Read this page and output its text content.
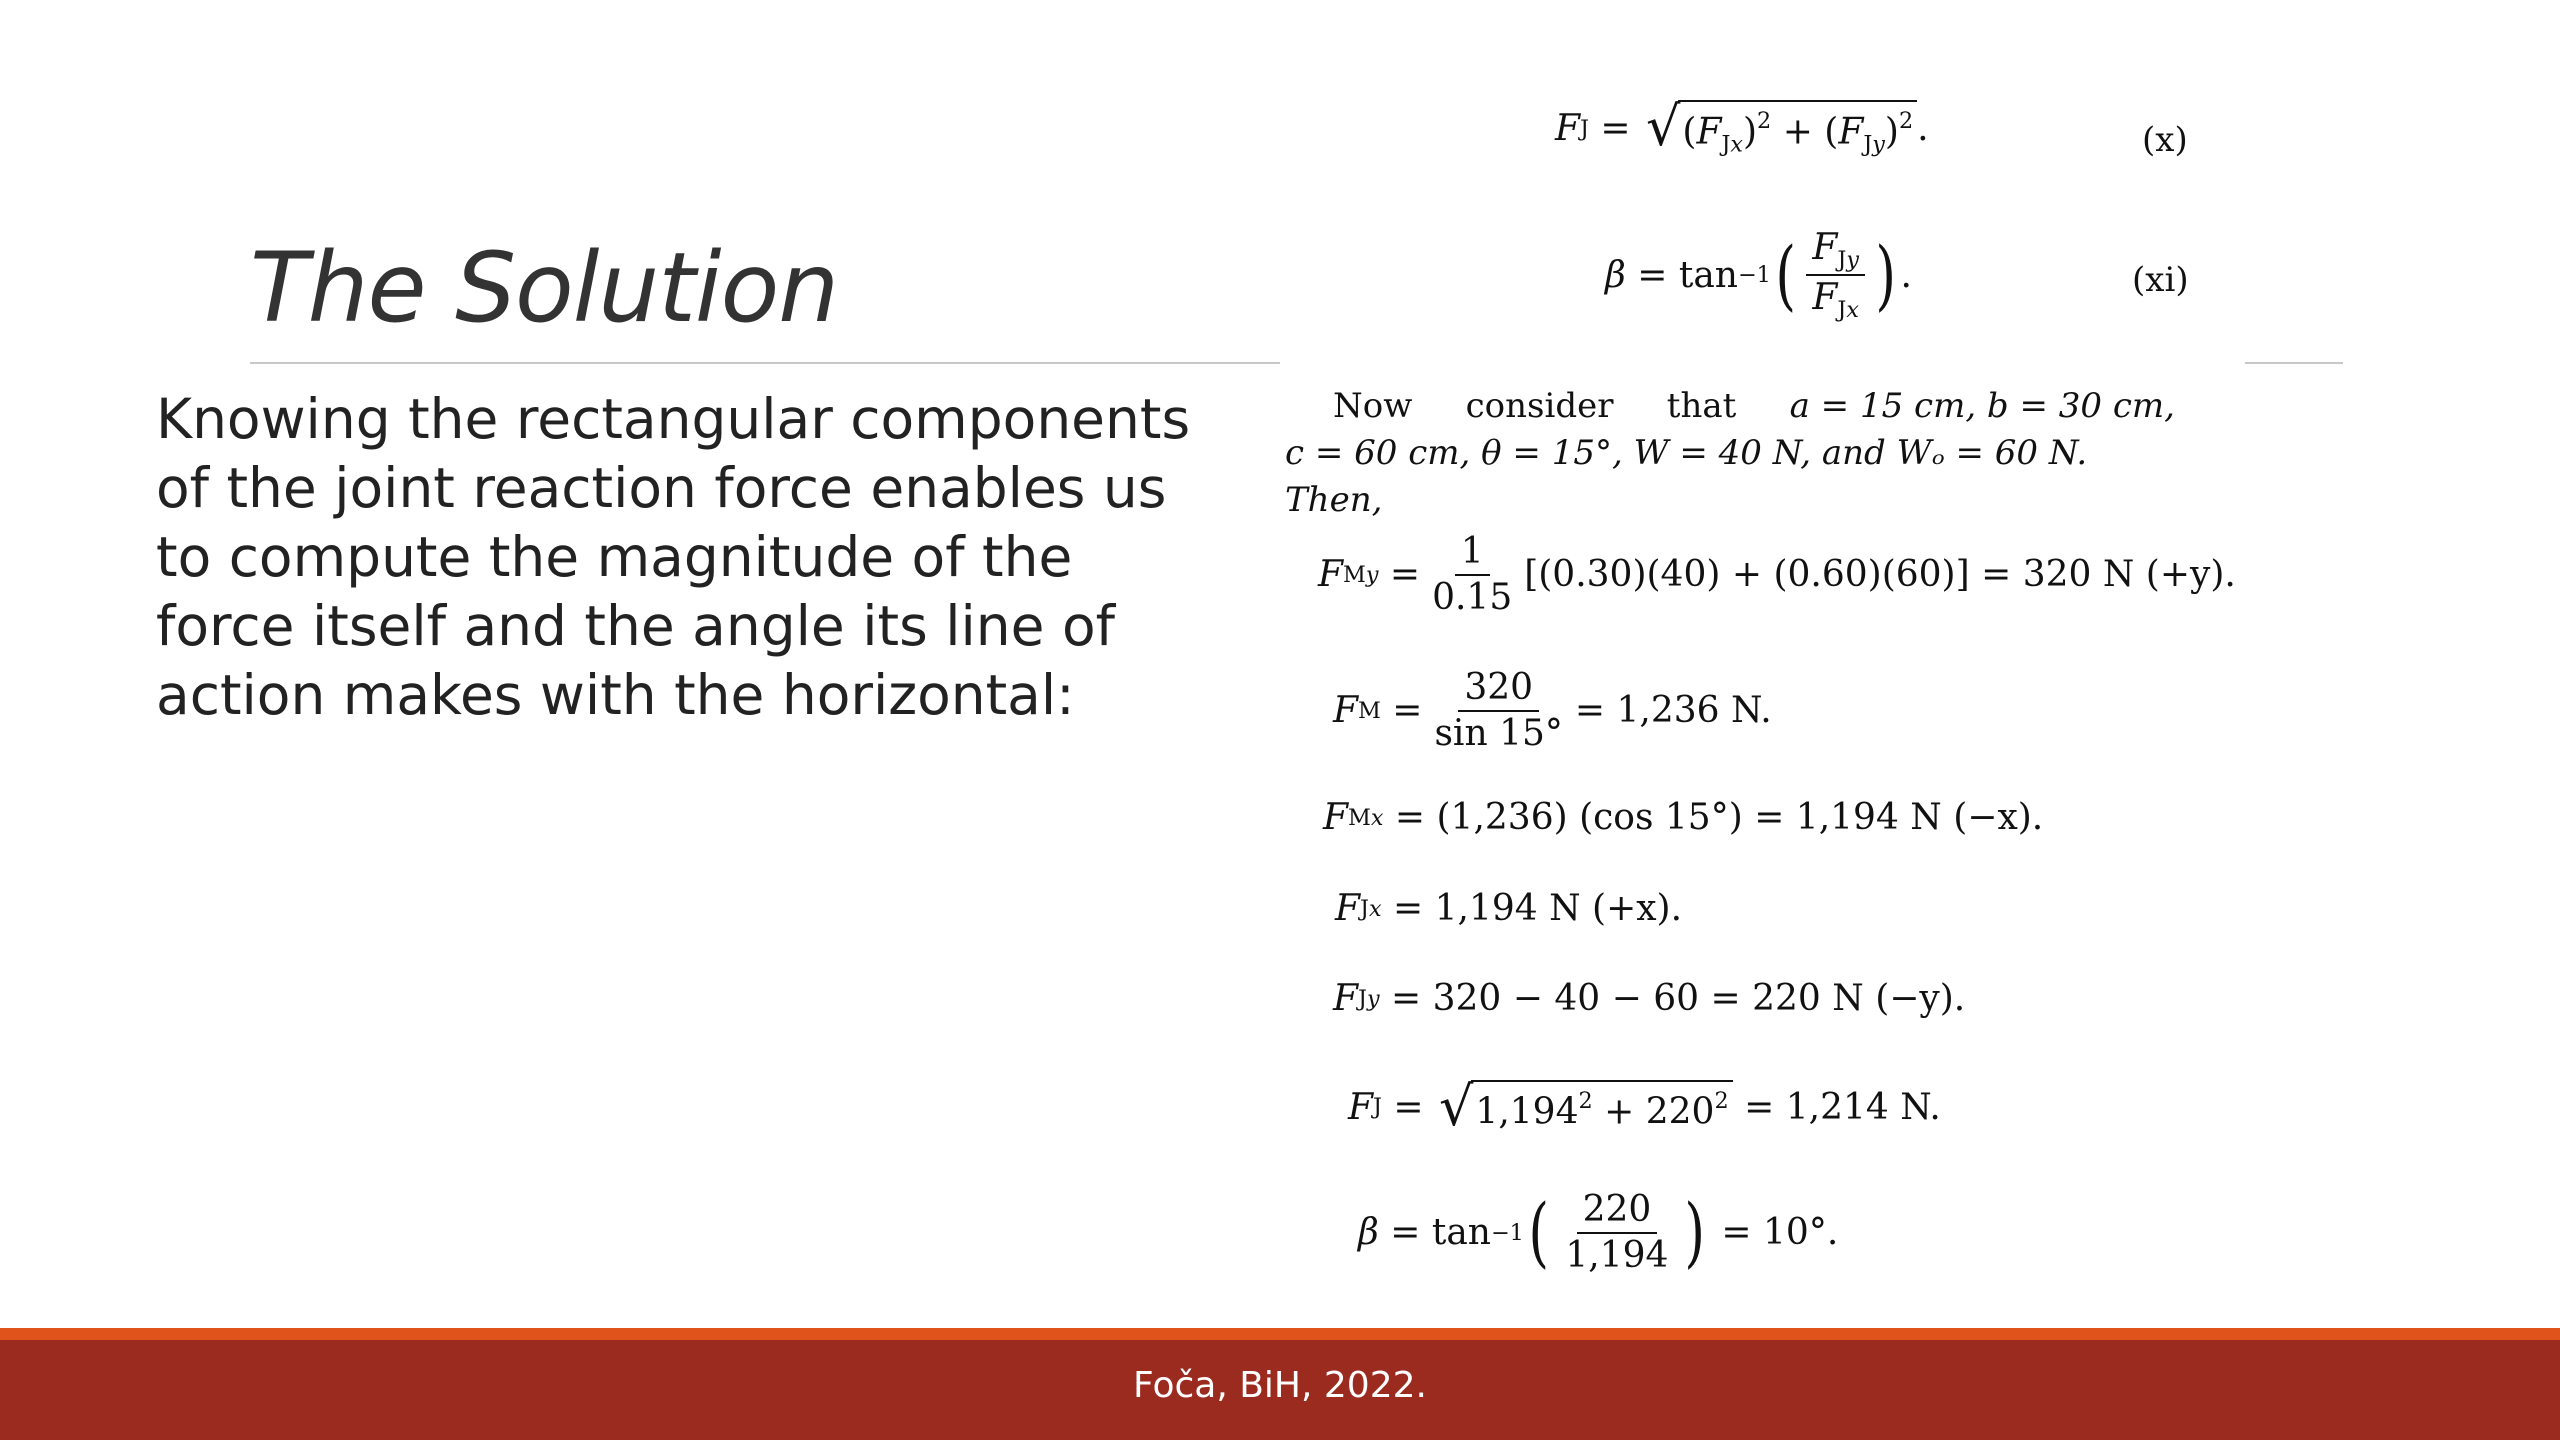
The Solution

Knowing the rectangular components of the joint reaction force enables us to compute the magnitude of the force itself and the angle its line of action makes with the horizontal:

F J = √ $(F_{Jx})^2 + (F_{Jy})^2$ .	(x)
β = tan −1 ( $\frac{F_{Jy}}{F_{Jx}}$ ) .	(xi)
Now consider that a = 15 cm, b = 30 cm,
c = 60 cm, θ = 15°, W = 40 N, and Wₒ = 60 N. Then,
F $My = \frac{1}{0.15} [(0.30)(40) + (0.60)(60)] = 320$ N (+y).
F $M = \frac{320}{\sin 15^\circ} = 1,236$ N.
F Mx
= (1,236) (cos 15°) = 1,194 N (−x).
F Jx
= 1,194 N (+x).
F Jy
= 320 − 40 − 60 = 220 N (−y).
F J = √ $1,194^2 + 220^2$
= 1,214 N.
β = tan −1 ( $\frac{220}{1,194}$ )
= 10°.
Foča, BiH, 2022.
